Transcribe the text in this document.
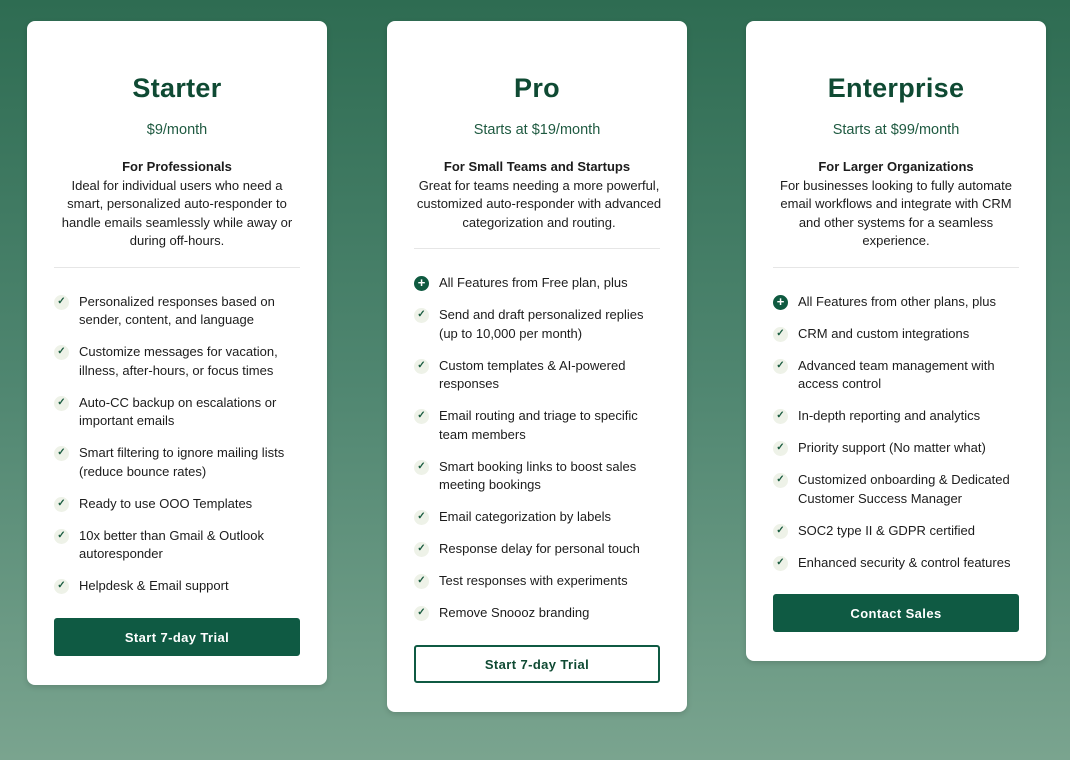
Starter
$9/month
For Professionals
Ideal for individual users who need a smart, personalized auto-responder to handle emails seamlessly while away or during off-hours.
✓ Personalized responses based on sender, content, and language
✓ Customize messages for vacation, illness, after-hours, or focus times
✓ Auto-CC backup on escalations or important emails
✓ Smart filtering to ignore mailing lists (reduce bounce rates)
✓ Ready to use OOO Templates
✓ 10x better than Gmail & Outlook autoresponder
✓ Helpdesk & Email support
Start 7-day Trial
Pro
Starts at $19/month
For Small Teams and Startups
Great for teams needing a more powerful, customized auto-responder with advanced categorization and routing.
+ All Features from Free plan, plus
✓ Send and draft personalized replies (up to 10,000 per month)
✓ Custom templates & AI-powered responses
✓ Email routing and triage to specific team members
✓ Smart booking links to boost sales meeting bookings
✓ Email categorization by labels
✓ Response delay for personal touch
✓ Test responses with experiments
✓ Remove Snoooz branding
Start 7-day Trial
Enterprise
Starts at $99/month
For Larger Organizations
For businesses looking to fully automate email workflows and integrate with CRM and other systems for a seamless experience.
+ All Features from other plans, plus
✓ CRM and custom integrations
✓ Advanced team management with access control
✓ In-depth reporting and analytics
✓ Priority support (No matter what)
✓ Customized onboarding & Dedicated Customer Success Manager
✓ SOC2 type II & GDPR certified
✓ Enhanced security & control features
Contact Sales
